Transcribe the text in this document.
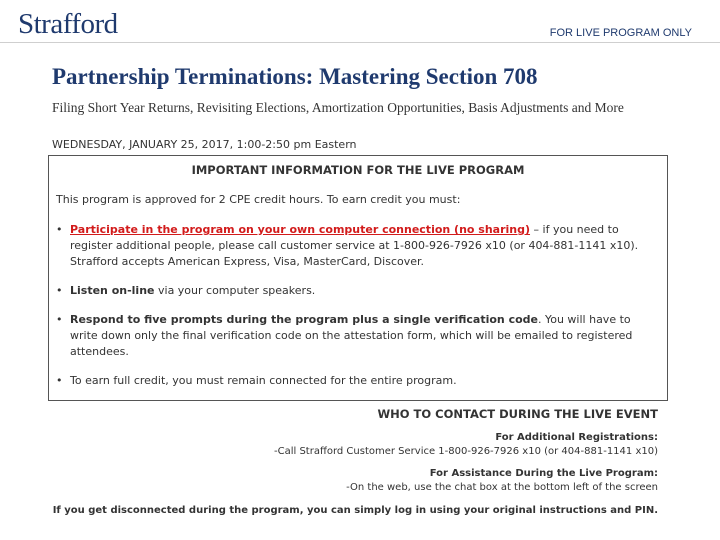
Strafford	FOR LIVE PROGRAM ONLY
Partnership Terminations: Mastering Section 708
Filing Short Year Returns, Revisiting Elections, Amortization Opportunities, Basis Adjustments and More
WEDNESDAY, JANUARY 25, 2017, 1:00-2:50 pm Eastern
IMPORTANT INFORMATION FOR THE LIVE PROGRAM
This program is approved for 2 CPE credit hours. To earn credit you must:
• Participate in the program on your own computer connection (no sharing) – if you need to register additional people, please call customer service at 1-800-926-7926 x10 (or 404-881-1141 x10). Strafford accepts American Express, Visa, MasterCard, Discover.
• Listen on-line via your computer speakers.
• Respond to five prompts during the program plus a single verification code. You will have to write down only the final verification code on the attestation form, which will be emailed to registered attendees.
• To earn full credit, you must remain connected for the entire program.
WHO TO CONTACT DURING THE LIVE EVENT
For Additional Registrations:
-Call Strafford Customer Service 1-800-926-7926 x10 (or 404-881-1141 x10)
For Assistance During the Live Program:
-On the web, use the chat box at the bottom left of the screen
If you get disconnected during the program, you can simply log in using your original instructions and PIN.
